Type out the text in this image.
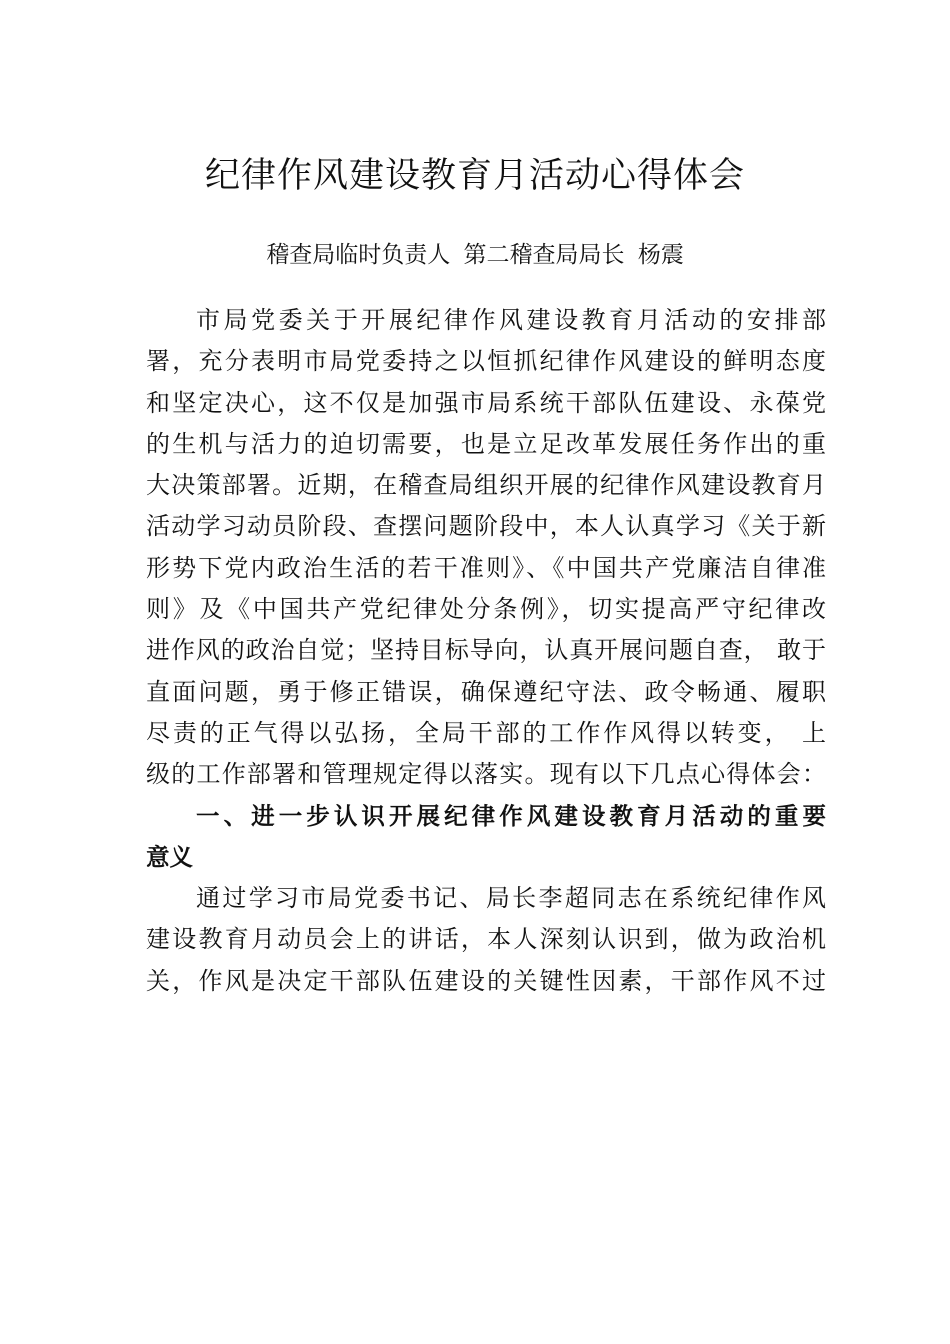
纪律作风建设教育月活动心得体会
稽查局临时负责人 第二稽查局局长 杨震
市局党委关于开展纪律作风建设教育月活动的安排部
署，充分表明市局党委持之以恒抓纪律作风建设的鲜明态度
和坚定决心，这不仅是加强市局系统干部队伍建设、永葆党
的生机与活力的迫切需要，也是立足改革发展任务作出的重
大决策部署。近期，在稽查局组织开展的纪律作风建设教育月
活动学习动员阶段、查摆问题阶段中，本人认真学习《关于新
形势下党内政治生活的若干准则》、《中国共产党廉洁自律准
则》及《中国共产党纪律处分条例》，切实提高严守纪律改
进作风的政治自觉；坚持目标导向，认真开展问题自查， 敢于
直面问题，勇于修正错误，确保遵纪守法、政令畅通、履职
尽责的正气得以弘扬，全局干部的工作作风得以转变， 上
级的工作部署和管理规定得以落实。现有以下几点心得体会：
一、进一步认识开展纪律作风建设教育月活动的重要
意义
通过学习市局党委书记、局长李超同志在系统纪律作风
建设教育月动员会上的讲话，本人深刻认识到，做为政治机
关，作风是决定干部队伍建设的关键性因素，干部作风不过
